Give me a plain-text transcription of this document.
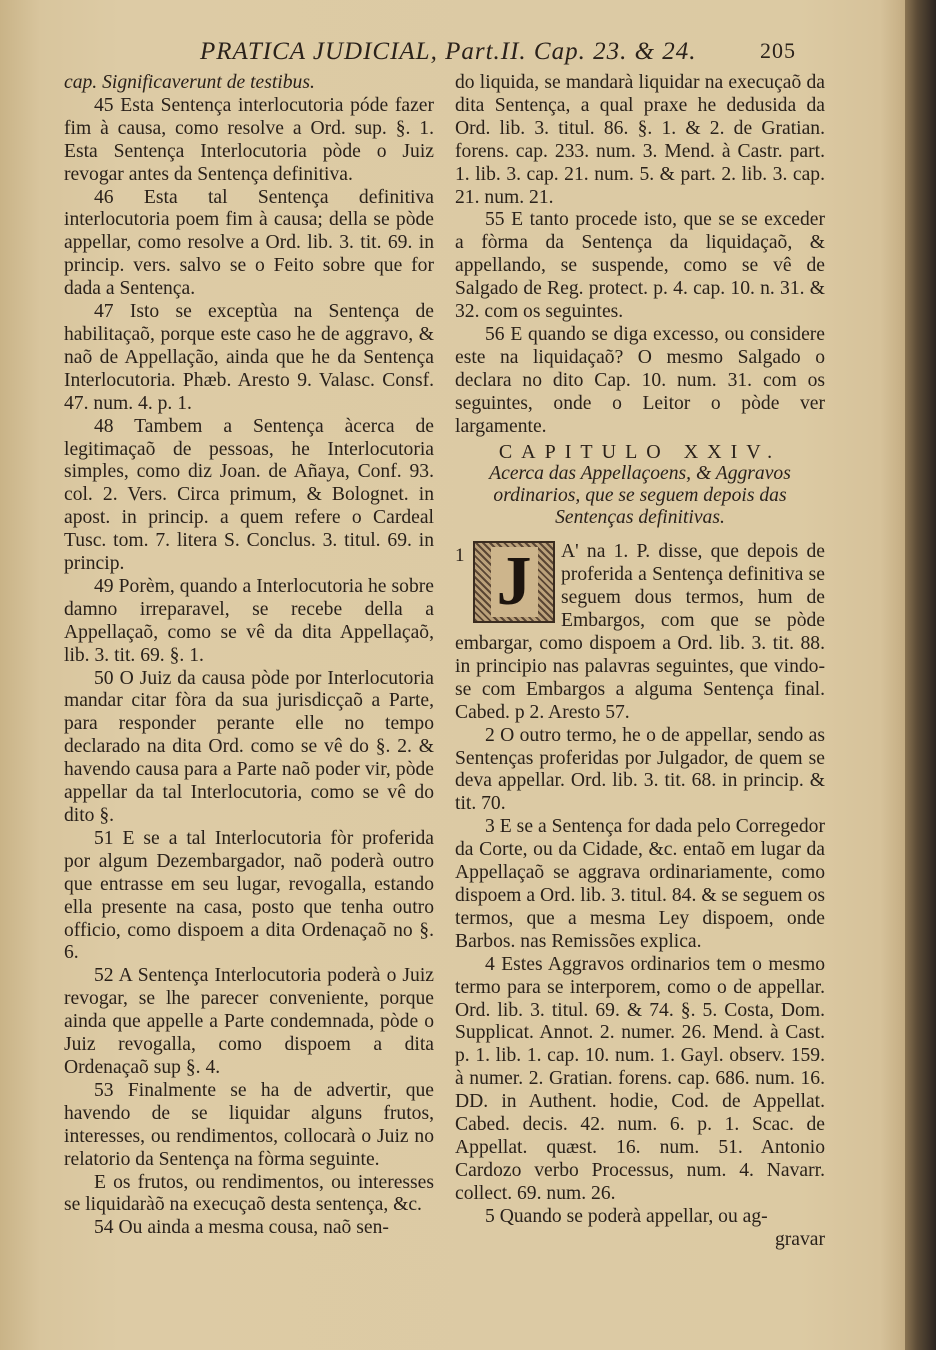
PRATICA JUDICIAL, Part.II. Cap. 23. & 24.	205

cap. Significaverunt de testibus.

45 Esta Sentença interlocutoria póde fazer fim à causa, como resolve a Ord. sup. §. 1. Esta Sentença Interlocutoria pòde o Juiz revogar antes da Sentença definitiva.

46 Esta tal Sentença definitiva interlocutoria poem fim à causa; della se pòde appellar, como resolve a Ord. lib. 3. tit. 69. in princip. vers. salvo se o Feito sobre que for dada a Sentença.

47 Isto se exceptùa na Sentença de habilitaçaõ, porque este caso he de aggravo, & naõ de Appellação, ainda que he da Sentença Interlocutoria. Phæb. Aresto 9. Valasc. Consf. 47. num. 4. p. 1.

48 Tambem a Sentença àcerca de legitimaçaõ de pessoas, he Interlocutoria simples, como diz Joan. de Añaya, Conf. 93. col. 2. Vers. Circa primum, & Bolognet. in apost. in princip. a quem refere o Cardeal Tusc. tom. 7. litera S. Conclus. 3. titul. 69. in princip.

49 Porèm, quando a Interlocutoria he sobre damno irreparavel, se recebe della a Appellaçaõ, como se vê da dita Appellaçaõ, lib. 3. tit. 69. §. 1.

50 O Juiz da causa pòde por Interlocutoria mandar citar fòra da sua jurisdicçaõ a Parte, para responder perante elle no tempo declarado na dita Ord. como se vê do §. 2. & havendo causa para a Parte naõ poder vir, pòde appellar da tal Interlocutoria, como se vê do dito §.

51 E se a tal Interlocutoria fòr proferida por algum Dezembargador, naõ poderà outro que entrasse em seu lugar, revogalla, estando ella presente na casa, posto que tenha outro officio, como dispoem a dita Ordenaçaõ no §. 6.

52 A Sentença Interlocutoria poderà o Juiz revogar, se lhe parecer conveniente, porque ainda que appelle a Parte condemnada, pòde o Juiz revogalla, como dispoem a dita Ordenaçaõ sup §. 4.

53 Finalmente se ha de advertir, que havendo de se liquidar alguns frutos, interesses, ou rendimentos, collocarà o Juiz no relatorio da Sentença na fòrma seguinte.

E os frutos, ou rendimentos, ou interesses se liquidaràõ na execuçaõ desta sentença, &c.

54 Ou ainda a mesma cousa, naõ sen-

do liquida, se mandarà liquidar na execuçaõ da dita Sentença, a qual praxe he dedusida da Ord. lib. 3. titul. 86. §. 1. & 2. de Gratian. forens. cap. 233. num. 3. Mend. à Castr. part. 1. lib. 3. cap. 21. num. 5. & part. 2. lib. 3. cap. 21. num. 21.

55 E tanto procede isto, que se se exceder a fòrma da Sentença da liquidaçaõ, & appellando, se suspende, como se vê de Salgado de Reg. protect. p. 4. cap. 10. n. 31. & 32. com os seguintes.

56 E quando se diga excesso, ou considere este na liquidaçaõ? O mesmo Salgado o declara no dito Cap. 10. num. 31. com os seguintes, onde o Leitor o pòde ver largamente.

CAPITULO XXIV.

Acerca das Appellaçoens, & Aggravos ordinarios, que se seguem depois das Sentenças definitivas.

1 J	A' na 1. P. disse, que depois de proferida a Sentença definitiva se seguem dous termos, hum de Embargos, com que se pòde embargar, como dispoem a Ord. lib. 3. tit. 88. in principio nas palavras seguintes, que vindo-se com Embargos a alguma Sentença final. Cabed. p 2. Aresto 57.

2 O outro termo, he o de appellar, sendo as Sentenças proferidas por Julgador, de quem se deva appellar. Ord. lib. 3. tit. 68. in princip. & tit. 70.

3 E se a Sentença for dada pelo Corregedor da Corte, ou da Cidade, &c. entaõ em lugar da Appellaçaõ se aggrava ordinariamente, como dispoem a Ord. lib. 3. titul. 84. & se seguem os termos, que a mesma Ley dispoem, onde Barbos. nas Remissões explica.

4 Estes Aggravos ordinarios tem o mesmo termo para se interporem, como o de appellar. Ord. lib. 3. titul. 69. & 74. §. 5. Costa, Dom. Supplicat. Annot. 2. numer. 26. Mend. à Cast. p. 1. lib. 1. cap. 10. num. 1. Gayl. observ. 159. à numer. 2. Gratian. forens. cap. 686. num. 16. DD. in Authent. hodie, Cod. de Appellat. Cabed. decis. 42. num. 6. p. 1. Scac. de Appellat. quæst. 16. num. 51. Antonio Cardozo verbo Processus, num. 4. Navarr. collect. 69. num. 26.

5 Quando se poderà appellar, ou ag-

gravar
